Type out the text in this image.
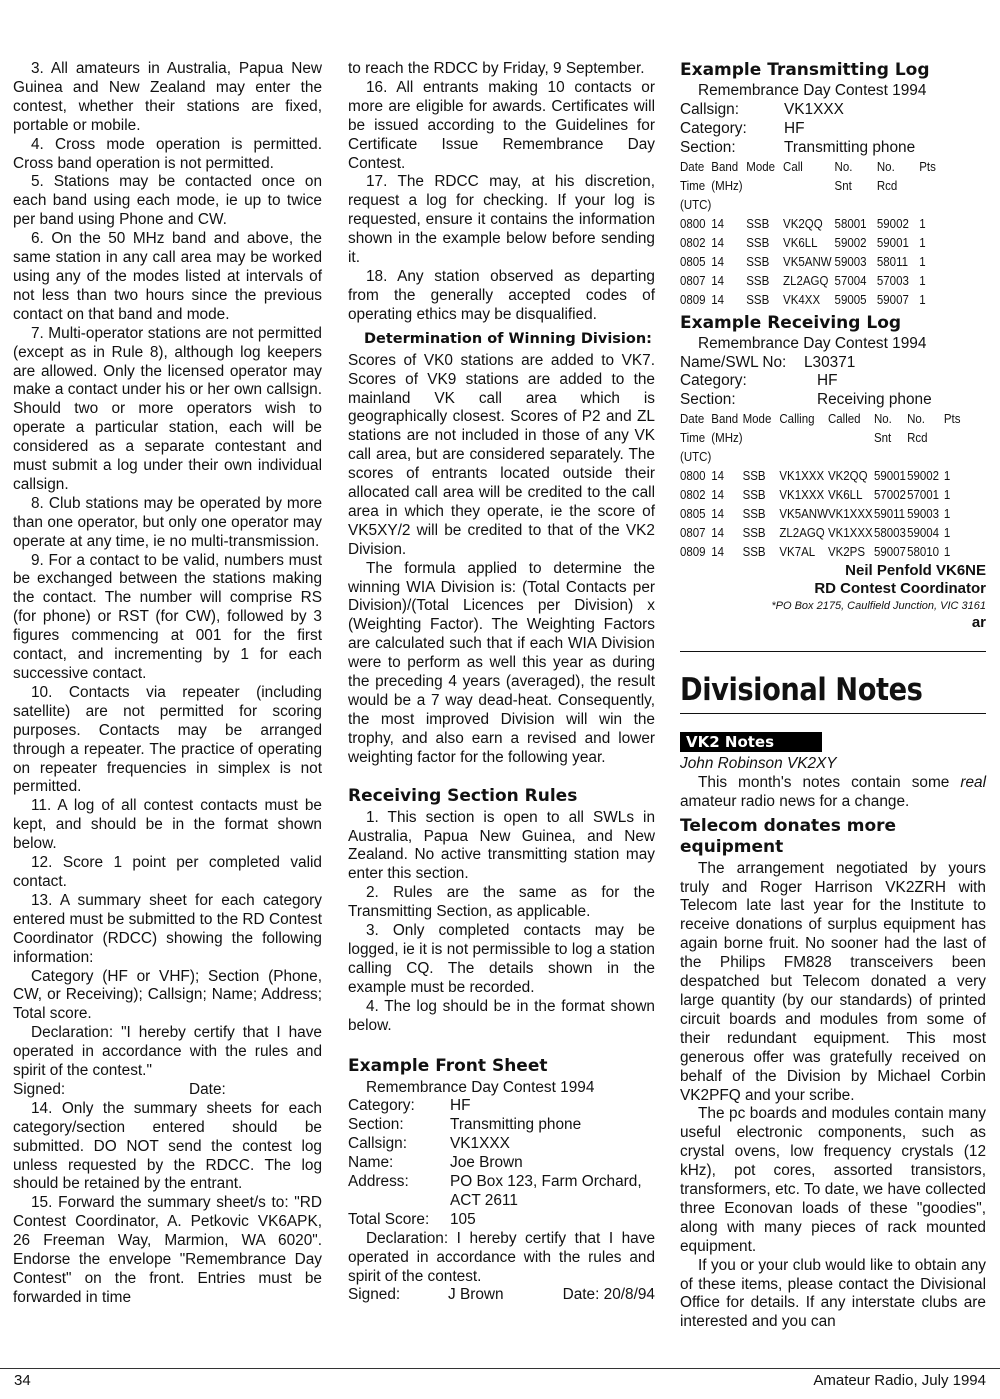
3. All amateurs in Australia, Papua New Guinea and New Zealand may enter the contest, whether their stations are fixed, portable or mobile.

4. Cross mode operation is permitted. Cross band operation is not permitted.

5. Stations may be contacted once on each band using each mode, ie up to twice per band using Phone and CW.

6. On the 50 MHz band and above, the same station in any call area may be worked using any of the modes listed at intervals of not less than two hours since the previous contact on that band and mode.

7. Multi-operator stations are not permitted (except as in Rule 8), although log keepers are allowed. Only the licensed operator may make a contact under his or her own callsign. Should two or more operators wish to operate a particular station, each will be considered as a separate contestant and must submit a log under their own individual callsign.

8. Club stations may be operated by more than one operator, but only one operator may operate at any time, ie no multi-transmission.

9. For a contact to be valid, numbers must be exchanged between the stations making the contact. The number will comprise RS (for phone) or RST (for CW), followed by 3 figures commencing at 001 for the first contact, and incrementing by 1 for each successive contact.

10. Contacts via repeater (including satellite) are not permitted for scoring purposes. Contacts may be arranged through a repeater. The practice of operating on repeater frequencies in simplex is not permitted.

11. A log of all contest contacts must be kept, and should be in the format shown below.

12. Score 1 point per completed valid contact.

13. A summary sheet for each category entered must be submitted to the RD Contest Coordinator (RDCC) showing the following information:

Category (HF or VHF); Section (Phone, CW, or Receiving); Callsign; Name; Address; Total score.

Declaration: "I hereby certify that I have operated in accordance with the rules and spirit of the contest."

Signed:	Date:

14. Only the summary sheets for each category/section entered should be submitted. DO NOT send the contest log unless requested by the RDCC. The log should be retained by the entrant.

15. Forward the summary sheet/s to: "RD Contest Coordinator, A. Petkovic VK6APK, 26 Freeman Way, Marmion, WA 6020". Endorse the envelope "Remembrance Day Contest" on the front. Entries must be forwarded in time

to reach the RDCC by Friday, 9 September.

16. All entrants making 10 contacts or more are eligible for awards. Certificates will be issued according to the Guidelines for Certificate Issue Remembrance Day Contest.

17. The RDCC may, at his discretion, request a log for checking. If your log is requested, ensure it contains the information shown in the example below before sending it.

18. Any station observed as departing from the generally accepted codes of operating ethics may be disqualified.

Determination of Winning Division:

Scores of VK0 stations are added to VK7. Scores of VK9 stations are added to the mainland VK call area which is geographically closest. Scores of P2 and ZL stations are not included in those of any VK call area, but are considered separately. The scores of entrants located outside their allocated call area will be credited to the call area in which they operate, ie the score of VK5XY/2 will be credited to that of the VK2 Division.

The formula applied to determine the winning WIA Division is: (Total Contacts per Division)/(Total Licences per Division) x (Weighting Factor). The Weighting Factors are calculated such that if each WIA Division were to perform as well this year as during the preceding 4 years (averaged), the result would be a 7 way dead-heat. Consequently, the most improved Division will win the trophy, and also earn a revised and lower weighting factor for the following year.

Receiving Section Rules

1. This section is open to all SWLs in Australia, Papua New Guinea, and New Zealand. No active transmitting station may enter this section.

2. Rules are the same as for the Transmitting Section, as applicable.

3. Only completed contacts may be logged, ie it is not permissible to log a station calling CQ. The details shown in the example must be recorded.

4. The log should be in the format shown below.

Example Front Sheet
Remembrance Day Contest 1994
Category:	HF
Section:	Transmitting phone
Callsign:	VK1XXX
Name:	Joe Brown
Address:	PO Box 123, Farm Orchard, ACT 2611
Total Score:	105

Declaration: I hereby certify that I have operated in accordance with the rules and spirit of the contest.

Signed:	J Brown	Date: 20/8/94
Example Transmitting Log
Remembrance Day Contest 1994
Callsign:	VK1XXX
Category:	HF
Section:	Transmitting phone
Date	Band	Mode	Call	No.	No.	Pts
Time	(MHz)			Snt	Rcd	
(UTC)						
0800	14	SSB	VK2QQ	58001	59002	1
0802	14	SSB	VK6LL	59002	59001	1
0805	14	SSB	VK5ANW	59003	58011	1
0807	14	SSB	ZL2AGQ	57004	57003	1
0809	14	SSB	VK4XX	59005	59007	1
Example Receiving Log
Remembrance Day Contest 1994
Name/SWL No:	L30371
Category:	HF
Section:	Receiving phone
Date	Band	Mode	Calling	Called	No.	No.	Pts
Time	(MHz)				Snt	Rcd	
(UTC)							
0800	14	SSB	VK1XXX	VK2QQ	59001	59002	1
0802	14	SSB	VK1XXX	VK6LL	57002	57001	1
0805	14	SSB	VK5ANW	VK1XXX	59011	59003	1
0807	14	SSB	ZL2AGQ	VK1XXX	58003	59004	1
0809	14	SSB	VK7AL	VK2PS	59007	58010	1
Neil Penfold VK6NE
RD Contest Coordinator
*PO Box 2175, Caulfield Junction, VIC 3161
ar
Divisional Notes
VK2 Notes

John Robinson VK2XY

This month's notes contain some real amateur radio news for a change.

Telecom donates more equipment

The arrangement negotiated by yours truly and Roger Harrison VK2ZRH with Telecom late last year for the Institute to receive donations of surplus equipment has again borne fruit. No sooner had the last of the Philips FM828 transceivers been despatched but Telecom donated a very large quantity (by our standards) of printed circuit boards and modules from some of their redundant equipment. This most generous offer was gratefully received on behalf of the Division by Michael Corbin VK2PFQ and your scribe.

The pc boards and modules contain many useful electronic components, such as crystal ovens, low frequency crystals (12 kHz), pot cores, assorted transistors, transformers, etc. To date, we have collected three Econovan loads of these "goodies", along with many pieces of rack mounted equipment.

If you or your club would like to obtain any of these items, please contact the Divisional Office for details. If any interstate clubs are interested and you can

34	Amateur Radio, July 1994
